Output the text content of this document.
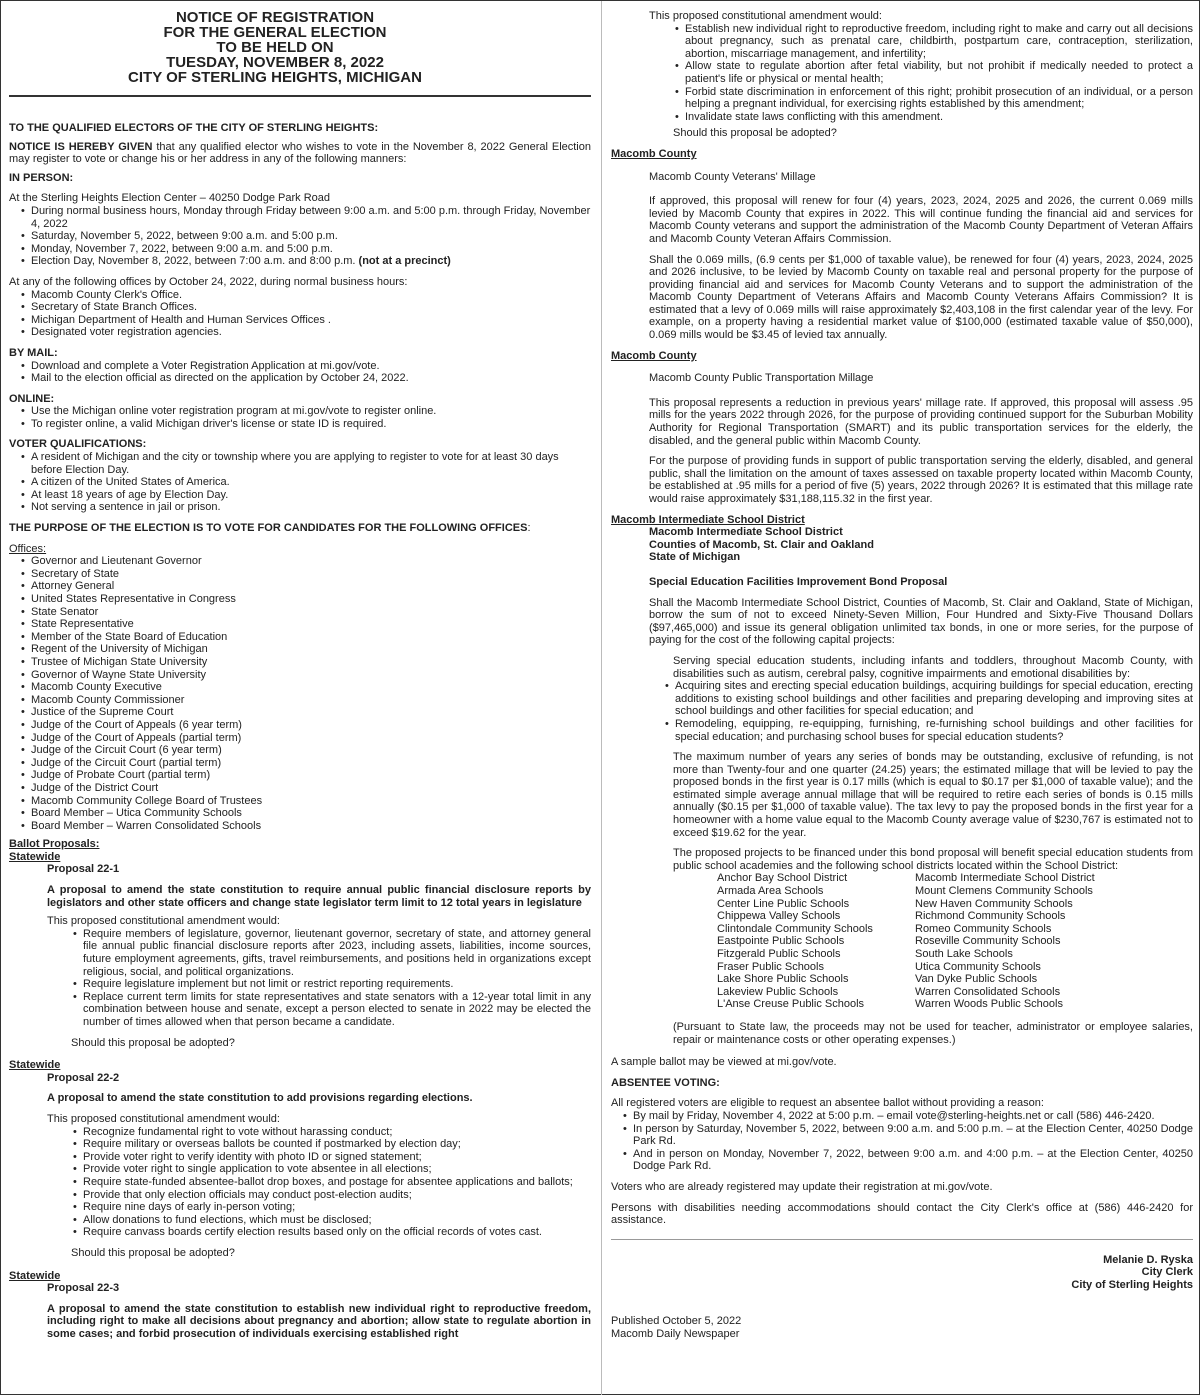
NOTICE OF REGISTRATION
FOR THE GENERAL ELECTION
TO BE HELD ON
TUESDAY, NOVEMBER 8, 2022
CITY OF STERLING HEIGHTS, MICHIGAN
TO THE QUALIFIED ELECTORS OF THE CITY OF STERLING HEIGHTS:
NOTICE IS HEREBY GIVEN that any qualified elector who wishes to vote in the November 8, 2022 General Election may register to vote or change his or her address in any of the following manners:
IN PERSON:
At the Sterling Heights Election Center – 40250 Dodge Park Road
• During normal business hours, Monday through Friday between 9:00 a.m. and 5:00 p.m. through Friday, November 4, 2022
• Saturday, November 5, 2022, between 9:00 a.m. and 5:00 p.m.
• Monday, November 7, 2022, between 9:00 a.m. and 5:00 p.m.
• Election Day, November 8, 2022, between 7:00 a.m. and 8:00 p.m. (not at a precinct)
At any of the following offices by October 24, 2022, during normal business hours:
• Macomb County Clerk's Office.
• Secretary of State Branch Offices.
• Michigan Department of Health and Human Services Offices .
• Designated voter registration agencies.
BY MAIL:
• Download and complete a Voter Registration Application at mi.gov/vote.
• Mail to the election official as directed on the application by October 24, 2022.
ONLINE:
• Use the Michigan online voter registration program at mi.gov/vote to register online.
• To register online, a valid Michigan driver's license or state ID is required.
VOTER QUALIFICATIONS:
• A resident of Michigan and the city or township where you are applying to register to vote for at least 30 days before Election Day.
• A citizen of the United States of America.
• At least 18 years of age by Election Day.
• Not serving a sentence in jail or prison.
THE PURPOSE OF THE ELECTION IS TO VOTE FOR CANDIDATES FOR THE FOLLOWING OFFICES:
Offices:
• Governor and Lieutenant Governor
• Secretary of State
• Attorney General
• United States Representative in Congress
• State Senator
• State Representative
• Member of the State Board of Education
• Regent of the University of Michigan
• Trustee of Michigan State University
• Governor of Wayne State University
• Macomb County Executive
• Macomb County Commissioner
• Justice of the Supreme Court
• Judge of the Court of Appeals (6 year term)
• Judge of the Court of Appeals (partial term)
• Judge of the Circuit Court (6 year term)
• Judge of the Circuit Court (partial term)
• Judge of Probate Court (partial term)
• Judge of the District Court
• Macomb Community College Board of Trustees
• Board Member – Utica Community Schools
• Board Member – Warren Consolidated Schools
Ballot Proposals:
Statewide
Proposal 22-1
A proposal to amend the state constitution to require annual public financial disclosure reports by legislators and other state officers and change state legislator term limit to 12 total years in legislature
This proposed constitutional amendment would:
• Require members of legislature, governor, lieutenant governor, secretary of state, and attorney general file annual public financial disclosure reports after 2023, including assets, liabilities, income sources, future employment agreements, gifts, travel reimbursements, and positions held in organizations except religious, social, and political organizations.
• Require legislature implement but not limit or restrict reporting requirements.
• Replace current term limits for state representatives and state senators with a 12-year total limit in any combination between house and senate, except a person elected to senate in 2022 may be elected the number of times allowed when that person became a candidate.
Should this proposal be adopted?
Statewide
Proposal 22-2
A proposal to amend the state constitution to add provisions regarding elections.
This proposed constitutional amendment would:
• Recognize fundamental right to vote without harassing conduct;
• Require military or overseas ballots be counted if postmarked by election day;
• Provide voter right to verify identity with photo ID or signed statement;
• Provide voter right to single application to vote absentee in all elections;
• Require state-funded absentee-ballot drop boxes, and postage for absentee applications and ballots;
• Provide that only election officials may conduct post-election audits;
• Require nine days of early in-person voting;
• Allow donations to fund elections, which must be disclosed;
• Require canvass boards certify election results based only on the official records of votes cast.
Should this proposal be adopted?
Statewide
Proposal 22-3
A proposal to amend the state constitution to establish new individual right to reproductive freedom, including right to make all decisions about pregnancy and abortion; allow state to regulate abortion in some cases; and forbid prosecution of individuals exercising established right
This proposed constitutional amendment would:
• Establish new individual right to reproductive freedom, including right to make and carry out all decisions about pregnancy, such as prenatal care, childbirth, postpartum care, contraception, sterilization, abortion, miscarriage management, and infertility;
• Allow state to regulate abortion after fetal viability, but not prohibit if medically needed to protect a patient's life or physical or mental health;
• Forbid state discrimination in enforcement of this right; prohibit prosecution of an individual, or a person helping a pregnant individual, for exercising rights established by this amendment;
• Invalidate state laws conflicting with this amendment.
Should this proposal be adopted?
Macomb County
Macomb County Veterans' Millage
If approved, this proposal will renew for four (4) years, 2023, 2024, 2025 and 2026, the current 0.069 mills levied by Macomb County that expires in 2022. This will continue funding the financial aid and services for Macomb County veterans and support the administration of the Macomb County Department of Veteran Affairs and Macomb County Veteran Affairs Commission.
Shall the 0.069 mills, (6.9 cents per $1,000 of taxable value), be renewed for four (4) years, 2023, 2024, 2025 and 2026 inclusive, to be levied by Macomb County on taxable real and personal property for the purpose of providing financial aid and services for Macomb County Veterans and to support the administration of the Macomb County Department of Veterans Affairs and Macomb County Veterans Affairs Commission? It is estimated that a levy of 0.069 mills will raise approximately $2,403,108 in the first calendar year of the levy. For example, on a property having a residential market value of $100,000 (estimated taxable value of $50,000), 0.069 mills would be $3.45 of levied tax annually.
Macomb County
Macomb County Public Transportation Millage
This proposal represents a reduction in previous years' millage rate. If approved, this proposal will assess .95 mills for the years 2022 through 2026, for the purpose of providing continued support for the Suburban Mobility Authority for Regional Transportation (SMART) and its public transportation services for the elderly, the disabled, and the general public within Macomb County.
For the purpose of providing funds in support of public transportation serving the elderly, disabled, and general public, shall the limitation on the amount of taxes assessed on taxable property located within Macomb County, be established at .95 mills for a period of five (5) years, 2022 through 2026? It is estimated that this millage rate would raise approximately $31,188,115.32 in the first year.
Macomb Intermediate School District
Macomb Intermediate School District
Counties of Macomb, St. Clair and Oakland
State of Michigan
Special Education Facilities Improvement Bond Proposal
Shall the Macomb Intermediate School District, Counties of Macomb, St. Clair and Oakland, State of Michigan, borrow the sum of not to exceed Ninety-Seven Million, Four Hundred and Sixty-Five Thousand Dollars ($97,465,000) and issue its general obligation unlimited tax bonds, in one or more series, for the purpose of paying for the cost of the following capital projects:
Serving special education students, including infants and toddlers, throughout Macomb County, with disabilities such as autism, cerebral palsy, cognitive impairments and emotional disabilities by:
• Acquiring sites and erecting special education buildings, acquiring buildings for special education, erecting additions to existing school buildings and other facilities and preparing developing and improving sites at school buildings and other facilities for special education; and
• Remodeling, equipping, re-equipping, furnishing, re-furnishing school buildings and other facilities for special education; and purchasing school buses for special education students?
The maximum number of years any series of bonds may be outstanding, exclusive of refunding, is not more than Twenty-four and one quarter (24.25) years; the estimated millage that will be levied to pay the proposed bonds in the first year is 0.17 mills (which is equal to $0.17 per $1,000 of taxable value); and the estimated simple average annual millage that will be required to retire each series of bonds is 0.15 mills annually ($0.15 per $1,000 of taxable value). The tax levy to pay the proposed bonds in the first year for a homeowner with a home value equal to the Macomb County average value of $230,767 is estimated not to exceed $19.62 for the year.
The proposed projects to be financed under this bond proposal will benefit special education students from public school academies and the following school districts located within the School District:
Anchor Bay School District
Armada Area Schools
Center Line Public Schools
Chippewa Valley Schools
Clintondale Community Schools
Eastpointe Public Schools
Fitzgerald Public Schools
Fraser Public Schools
Lake Shore Public Schools
Lakeview Public Schools
L'Anse Creuse Public Schools
Macomb Intermediate School District
Mount Clemens Community Schools
New Haven Community Schools
Richmond Community Schools
Romeo Community Schools
Roseville Community Schools
South Lake Schools
Utica Community Schools
Van Dyke Public Schools
Warren Consolidated Schools
Warren Woods Public Schools
(Pursuant to State law, the proceeds may not be used for teacher, administrator or employee salaries, repair or maintenance costs or other operating expenses.)
A sample ballot may be viewed at mi.gov/vote.
ABSENTEE VOTING:
All registered voters are eligible to request an absentee ballot without providing a reason:
• By mail by Friday, November 4, 2022 at 5:00 p.m. – email vote@sterling-heights.net or call (586) 446-2420.
• In person by Saturday, November 5, 2022, between 9:00 a.m. and 5:00 p.m. – at the Election Center, 40250 Dodge Park Rd.
• And in person on Monday, November 7, 2022, between 9:00 a.m. and 4:00 p.m. – at the Election Center, 40250 Dodge Park Rd.
Voters who are already registered may update their registration at mi.gov/vote.
Persons with disabilities needing accommodations should contact the City Clerk's office at (586) 446-2420 for assistance.
Melanie D. Ryska
City Clerk
City of Sterling Heights
Published October 5, 2022
Macomb Daily Newspaper
